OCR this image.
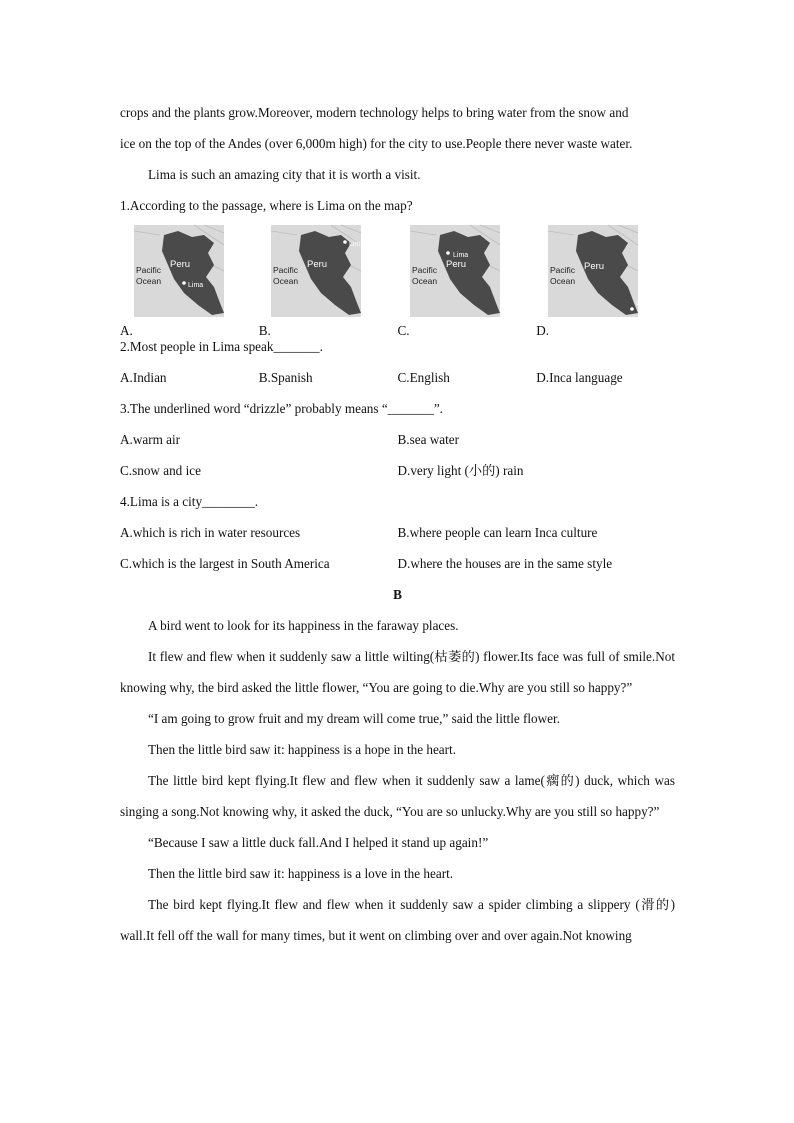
crops and the plants grow.Moreover, modern technology helps to bring water from the snow and

ice on the top of the Andes (over 6,000m high) for the city to use.People there never waste water.

Lima is such an amazing city that it is worth a visit.

1.According to the passage, where is Lima on the map?

Peru
Pacific
Ocean	Lima
A.
Peru
Pacific
Ocean
Lima
B.
Peru
Pacific
Ocean
Lima
C.
Peru
Pacific
Ocean
Lima
D.

2.Most people in Lima speak_______.

A.Indian	B.Spanish	C.English	D.Inca language

3.The underlined word “drizzle” probably means “_______”.

A.warm air	B.sea water
C.snow and ice	D.very light (小的) rain

4.Lima is a city________.

A.which is rich in water resources	B.where people can learn Inca culture
C.which is the largest in South America	D.where the houses are in the same style

B

A bird went to look for its happiness in the faraway places.

It flew and flew when it suddenly saw a little wilting(枯萎的) flower.Its face was full of smile.Not knowing why, the bird asked the little flower, “You are going to die.Why are you still so happy?”

“I am going to grow fruit and my dream will come true,” said the little flower.

Then the little bird saw it: happiness is a hope in the heart.

The little bird kept flying.It flew and flew when it suddenly saw a lame(瘸的) duck, which was singing a song.Not knowing why, it asked the duck, “You are so unlucky.Why are you still so happy?”

“Because I saw a little duck fall.And I helped it stand up again!”

Then the little bird saw it: happiness is a love in the heart.

The bird kept flying.It flew and flew when it suddenly saw a spider climbing a slippery (滑的) wall.It fell off the wall for many times, but it went on climbing over and over again.Not knowing
